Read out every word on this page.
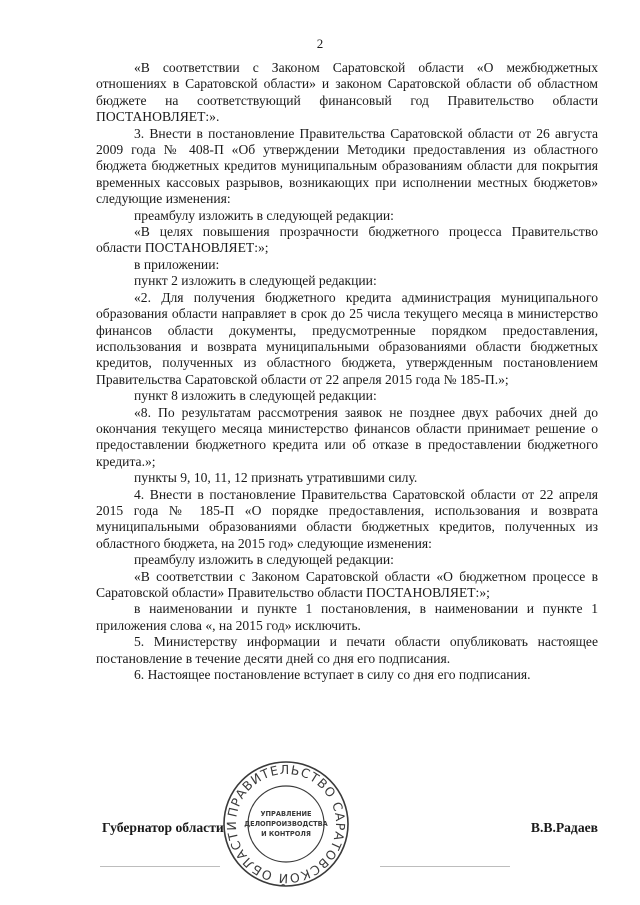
2

«В соответствии с Законом Саратовской области «О межбюджетных отношениях в Саратовской области» и законом Саратовской области об областном бюджете на соответствующий финансовый год Правительство области ПОСТАНОВЛЯЕТ:».

3. Внести в постановление Правительства Саратовской области от 26 августа 2009 года № 408-П «Об утверждении Методики предоставления из областного бюджета бюджетных кредитов муниципальным образованиям области для покрытия временных кассовых разрывов, возникающих при исполнении местных бюджетов» следующие изменения:

преамбулу изложить в следующей редакции:

«В целях повышения прозрачности бюджетного процесса Правительство области ПОСТАНОВЛЯЕТ:»;

в приложении:

пункт 2 изложить в следующей редакции:

«2. Для получения бюджетного кредита администрация муниципального образования области направляет в срок до 25 числа текущего месяца в министерство финансов области документы, предусмотренные порядком предоставления, использования и возврата муниципальными образованиями области бюджетных кредитов, полученных из областного бюджета, утвержденным постановлением Правительства Саратовской области от 22 апреля 2015 года № 185-П.»;

пункт 8 изложить в следующей редакции:

«8. По результатам рассмотрения заявок не позднее двух рабочих дней до окончания текущего месяца министерство финансов области принимает решение о предоставлении бюджетного кредита или об отказе в предоставлении бюджетного кредита.»;

пункты 9, 10, 11, 12 признать утратившими силу.

4. Внести в постановление Правительства Саратовской области от 22 апреля 2015 года № 185-П «О порядке предоставления, использования и возврата муниципальными образованиями области бюджетных кредитов, полученных из областного бюджета, на 2015 год» следующие изменения:

преамбулу изложить в следующей редакции:

«В соответствии с Законом Саратовской области «О бюджетном процессе в Саратовской области» Правительство области ПОСТАНОВЛЯЕТ:»;

в наименовании и пункте 1 постановления, в наименовании и пункте 1 приложения слова «, на 2015 год» исключить.

5. Министерству информации и печати области опубликовать настоящее постановление в течение десяти дней со дня его подписания.

6. Настоящее постановление вступает в силу со дня его подписания.

Губернатор области	В.В.Радаев
ПРАВИТЕЛЬСТВО САРАТОВСКОЙ ОБЛАСТИ
УПРАВЛЕНИЕ
ДЕЛОПРОИЗВОДСТВА
И КОНТРОЛЯ
